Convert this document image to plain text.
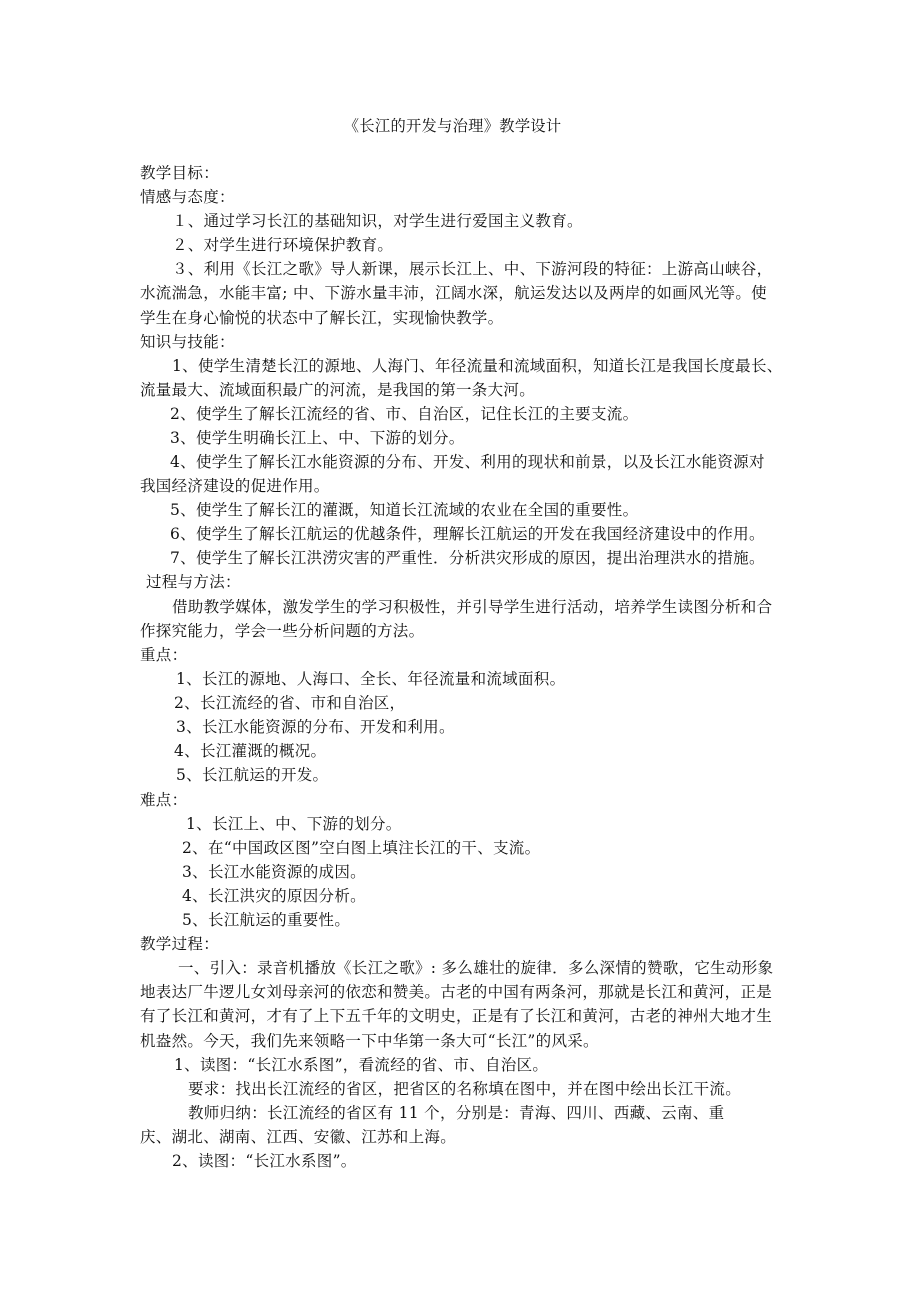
《长江的开发与治理》教学设计
教学目标：
情感与态度：
１、通过学习长江的基础知识，对学生进行爱国主义教育。
２、对学生进行环境保护教育。
３、利用《长江之歌》导人新课，展示长江上、中、下游河段的特征：上游高山峡谷，
水流湍急，水能丰富; 中、下游水量丰沛，江阔水深，航运发达以及两岸的如画风光等。使
学生在身心愉悦的状态中了解长江，实现愉快教学。
知识与技能：
1、使学生清楚长江的源地、人海门、年径流量和流域面积，知道长江是我国长度最长、
流量最大、流域面积最广的河流，是我国的第一条大河。
2、使学生了解长江流经的省、市、自治区，记住长江的主要支流。
3、使学生明确长江上、中、下游的划分。
4、使学生了解长江水能资源的分布、开发、利用的现状和前景，以及长江水能资源对
我国经济建设的促进作用。
5、使学生了解长江的灌溉，知道长江流域的农业在全国的重要性。
6、使学生了解长江航运的优越条件，理解长江航运的开发在我国经济建设中的作用。
7、使学生了解长江洪涝灾害的严重性．分析洪灾形成的原因，提出治理洪水的措施。
过程与方法：
借助教学媒体，激发学生的学习积极性，并引导学生进行活动，培养学生读图分析和合
作探究能力，学会一些分析问题的方法。
重点：
1、长江的源地、人海口、全长、年径流量和流域面积。
2、长江流经的省、市和自治区，
3、长江水能资源的分布、开发和利用。
4、长江灌溉的概况。
5、长江航运的开发。
难点：
1、长江上、中、下游的划分。
2、在“中国政区图”空白图上填注长江的干、支流。
3、长江水能资源的成因。
4、长江洪灾的原因分析。
5、长江航运的重要性。
教学过程：
一、引入：录音机播放《长江之歌》: 多么雄壮的旋律．多么深情的赞歌，它生动形象
地表达厂牛逻儿女刘母亲河的依恋和赞美。古老的中国有两条河，那就是长江和黄河，正是
有了长江和黄河，才有了上下五千年的文明史，正是有了长江和黄河，古老的神州大地才生
机盎然。今天，我们先来领略一下中华第一条大可“长江”的风采。
1、读图：“长江水系图”，看流经的省、市、自治区。
要求：找出长江流经的省区，把省区的名称填在图中，并在图中绘出长江干流。
教师归纳：长江流经的省区有 11 个，分别是：青海、四川、西藏、云南、重
庆、湖北、湖南、江西、安徽、江苏和上海。
2、读图：“长江水系图”。
